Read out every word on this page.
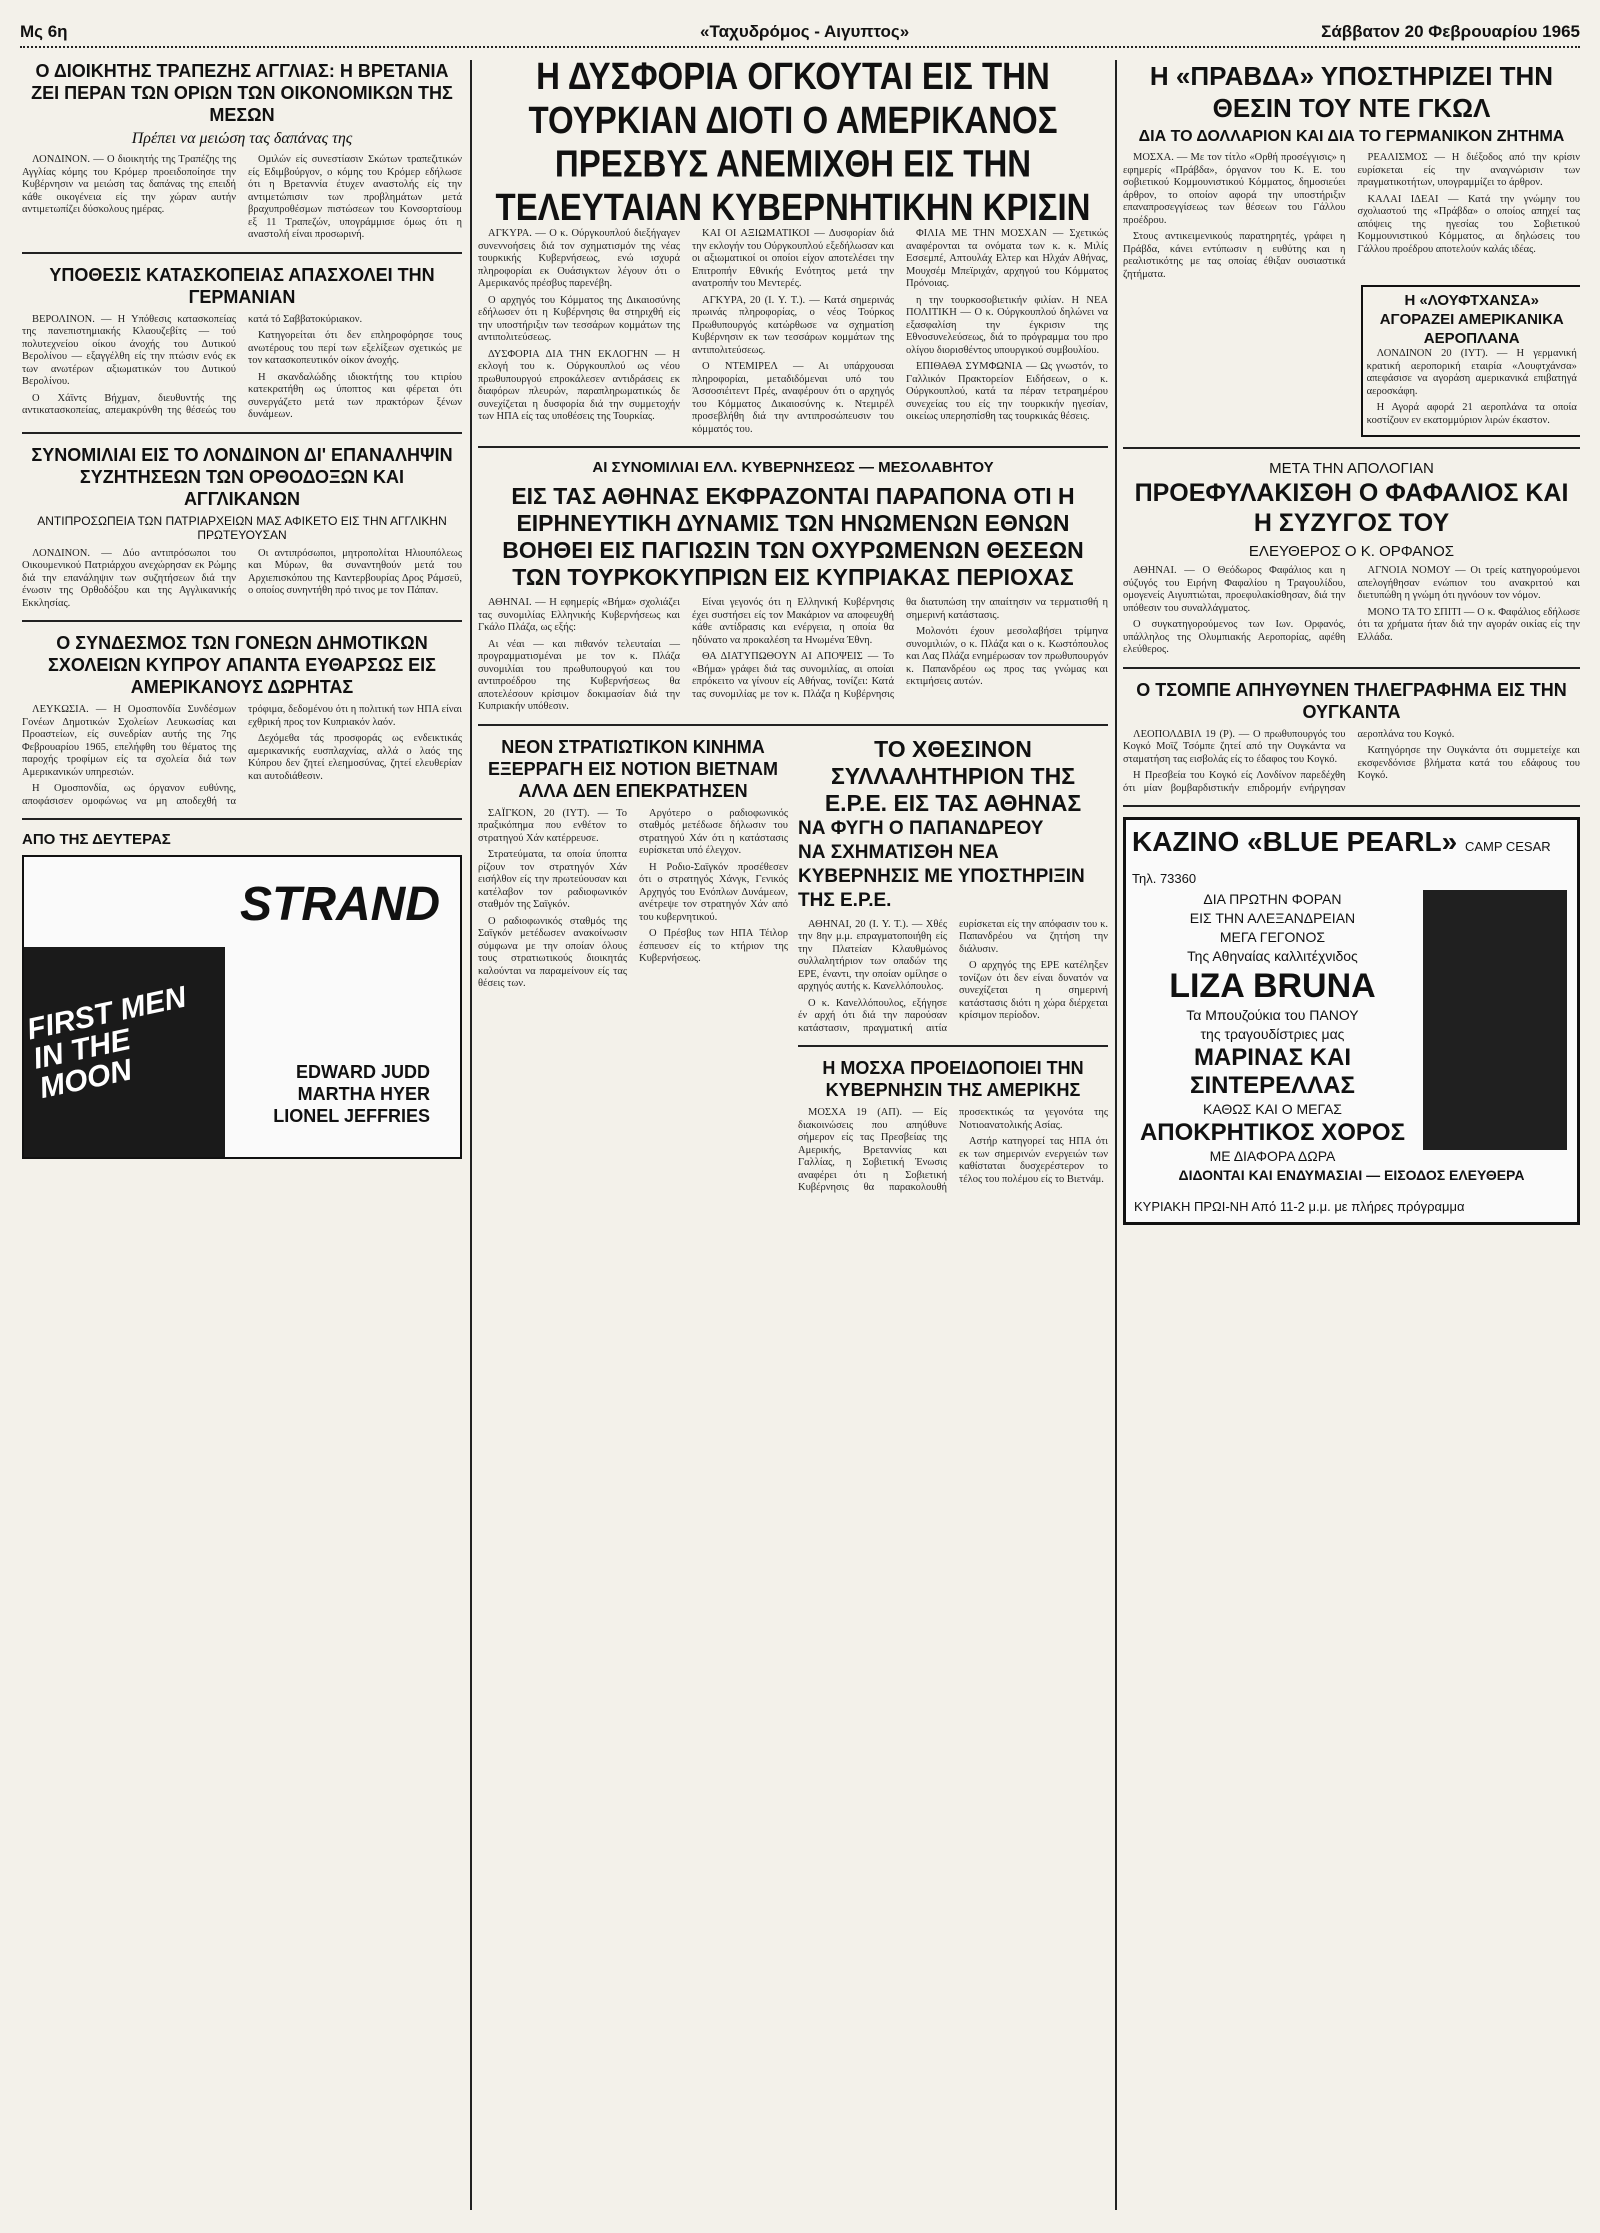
Μς 6η	«Ταχυδρόμος - Αιγυπτος»	Σάββατον 20 Φεβρουαρίου 1965
Ο ΔΙΟΙΚΗΤΗΣ ΤΡΑΠΕΖΗΣ ΑΓΓΛΙΑΣ: Η ΒΡΕΤΑΝΙΑ ΖΕΙ ΠΕΡΑΝ ΤΩΝ ΟΡΙΩΝ ΤΩΝ ΟΙΚΟΝΟΜΙΚΩΝ ΤΗΣ ΜΕΣΩΝ
Πρέπει να μειώση τας δαπάνας της

ΛΟΝΔΙΝΟΝ. — Ο διοικητής της Τραπέζης της Αγγλίας κόμης του Κρόμερ προειδοποίησε την Κυβέρνησιν να μειώση τας δαπάνας της επειδή κάθε οικογένεια είς την χώραν αυτήν αντιμετωπίζει δύσκολους ημέρας.

Ομιλών είς συνεστίασιν Σκώτων τραπεζιτικών είς Εδιμβούργον, ο κόμης του Κρόμερ εδήλωσε ότι η Βρεταννία έτυχεν αναστολής είς την αντιμετώπισιν των προβλημάτων μετά βραχυπροθέσμων πιστώσεων του Κονσορτσίουμ εξ 11 Τραπεζών, υπογράμμισε όμως ότι η αναστολή είναι προσωρινή.

ΥΠΟΘΕΣΙΣ ΚΑΤΑΣΚΟΠΕΙΑΣ ΑΠΑΣΧΟΛΕΙ ΤΗΝ ΓΕΡΜΑΝΙΑΝ

ΒΕΡΟΛΙΝΟΝ. — Η Υπόθεσις κατασκοπείας της πανεπιστημιακής Κλαουζεβίτς — τού πολυτεχνείου οίκου άνοχής του Δυτικού Βερολίνου — εξαγγέλθη είς την πτώσιν ενός εκ των ανωτέρων αξιωματικών του Δυτικού Βερολίνου.

Ο Χάϊντς Βήχμαν, διευθυντής της αντικατασκοπείας, απεμακρύνθη της θέσεώς του κατά τό Σαββατοκύριακον.

Κατηγορείται ότι δεν επληροφόρησε τους ανωτέρους του περί των εξελίξεων σχετικώς με τον κατασκοπευτικόν οίκον άνοχής.

Η σκανδαλώδης ιδιοκτήτης του κτιρίου κατεκρατήθη ως ύποπτος και φέρεται ότι συνεργάζετο μετά των πρακτόρων ξένων δυνάμεων.

ΣΥΝΟΜΙΛΙΑΙ ΕΙΣ ΤΟ ΛΟΝΔΙΝΟΝ ΔΙ' ΕΠΑΝΑΛΗΨΙΝ ΣΥΖΗΤΗΣΕΩΝ ΤΩΝ ΟΡΘΟΔΟΞΩΝ ΚΑΙ ΑΓΓΛΙΚΑΝΩΝ
ΑΝΤΙΠΡΟΣΩΠΕΙΑ ΤΩΝ ΠΑΤΡΙΑΡΧΕΙΩΝ ΜΑΣ ΑΦΙΚΕΤΟ ΕΙΣ ΤΗΝ ΑΓΓΛΙΚΗΝ ΠΡΩΤΕΥΟΥΣΑΝ

ΛΟΝΔΙΝΟΝ. — Δύο αντιπρόσωποι του Οικουμενικού Πατριάρχου ανεχώρησαν εκ Ρώμης διά την επανάληψιν των συζητήσεων διά την ένωσιν της Ορθοδόξου και της Αγγλικανικής Εκκλησίας.

Οι αντιπρόσωποι, μητροπολίται Ηλιουπόλεως και Μύρων, θα συναντηθούν μετά του Αρχιεπισκόπου της Καντερβουρίας Δρος Ράμσεϋ, ο οποίος συνηντήθη πρό τινος με τον Πάπαν.

Ο ΣΥΝΔΕΣΜΟΣ ΤΩΝ ΓΟΝΕΩΝ ΔΗΜΟΤΙΚΩΝ ΣΧΟΛΕΙΩΝ ΚΥΠΡΟΥ ΑΠΑΝΤΑ ΕΥΘΑΡΣΩΣ ΕΙΣ ΑΜΕΡΙΚΑΝΟΥΣ ΔΩΡΗΤΑΣ

ΛΕΥΚΩΣΙΑ. — Η Ομοσπονδία Συνδέσμων Γονέων Δημοτικών Σχολείων Λευκωσίας και Προαστείων, είς συνεδρίαν αυτής της 7ης Φεβρουαρίου 1965, επελήφθη του θέματος της παροχής τροφίμων είς τα σχολεία διά των Αμερικανικών υπηρεσιών.

Η Ομοσπονδία, ως όργανον ευθύνης, αποφάσισεν ομοφώνως να μη αποδεχθή τα τρόφιμα, δεδομένου ότι η πολιτική των ΗΠΑ είναι εχθρική προς τον Κυπριακόν λαόν.

Δεχόμεθα τάς προσφοράς ως ενδεικτικάς αμερικανικής ευσπλαχνίας, αλλά ο λαός της Κύπρου δεν ζητεί ελεημοσύνας, ζητεί ελευθερίαν και αυτοδιάθεσιν.

ΑΠΟ ΤΗΣ ΔΕΥΤΕΡΑΣ
FIRST MEN IN THE MOON
STRAND
EDWARD JUDD
MARTHA HYER
LIONEL JEFFRIES
Η ΔΥΣΦΟΡΙΑ ΟΓΚΟΥΤΑΙ ΕΙΣ ΤΗΝ ΤΟΥΡΚΙΑΝ ΔΙΟΤΙ Ο ΑΜΕΡΙΚΑΝΟΣ ΠΡΕΣΒΥΣ ΑΝΕΜΙΧΘΗ ΕΙΣ ΤΗΝ ΤΕΛΕΥΤΑΙΑΝ ΚΥΒΕΡΝΗΤΙΚΗΝ ΚΡΙΣΙΝ

ΑΓΚΥΡΑ. — Ο κ. Ούργκουπλού διεξήγαγεν συνεννοήσεις διά τον σχηματισμόν της νέας τουρκικής Κυβερνήσεως, ενώ ισχυρά πληροφορίαι εκ Ουάσιγκτων λέγουν ότι ο Αμερικανός πρέσβυς παρενέβη.

Ο αρχηγός του Κόμματος της Δικαιοσύνης εδήλωσεν ότι η Κυβέρνησις θα στηριχθή είς την υποστήριξιν των τεσσάρων κομμάτων της αντιπολιτεύσεως.

ΔΥΣΦΟΡΙΑ ΔΙΑ ΤΗΝ ΕΚΛΟΓΗΝ — Η εκλογή του κ. Ούργκουπλού ως νέου πρωθυπουργού επροκάλεσεν αντιδράσεις εκ διαφόρων πλευρών, παραπληρωματικώς δε συνεχίζεται η δυσφορία διά την συμμετοχήν των ΗΠΑ είς τας υποθέσεις της Τουρκίας.

ΚΑΙ ΟΙ ΑΞΙΩΜΑΤΙΚΟΙ — Δυσφορίαν διά την εκλογήν του Ούργκουπλού εξεδήλωσαν και οι αξιωματικοί οι οποίοι είχον αποτελέσει την Επιτροπήν Εθνικής Ενότητος μετά την ανατροπήν του Μεντερές.

ΑΓΚΥΡΑ, 20 (Ι. Υ. Τ.). — Κατά σημερινάς πρωινάς πληροφορίας, ο νέος Τούρκος Πρωθυπουργός κατώρθωσε να σχηματίση Κυβέρνησιν εκ των τεσσάρων κομμάτων της αντιπολιτεύσεως.

Ο ΝΤΕΜΙΡΕΛ — Αι υπάρχουσαι πληροφορίαι, μεταδιδόμεναι υπό του Άσσοσιέιτεντ Πρές, αναφέρουν ότι ο αρχηγός του Κόμματος Δικαιοσύνης κ. Ντεμιρέλ προσεβλήθη διά την αντιπροσώπευσιν του κόμματός του.

ΦΙΛΙΑ ΜΕ ΤΗΝ ΜΟΣΧΑΝ — Σχετικώς αναφέρονται τα ονόματα των κ. κ. Μιλίς Εσσεμπέ, Απτουλάχ Ελτερ και Ηλχάν Αθήνας, Μουχσέμ Μπεϊριχάν, αρχηγού του Κόμματος Πρόνοιας.

η την τουρκοσοβιετικήν φιλίαν. Η ΝΕΑ ΠΟΛΙΤΙΚΗ — Ο κ. Ούργκουπλού δηλώνει να εξασφαλίση την έγκρισιν της Εθνοσυνελεύσεως, διά το πρόγραμμα του προ ολίγου διορισθέντος υπουργικού συμβουλίου.

ΕΠΙΘΑΘΑ ΣΥΜΦΩΝΙΑ — Ως γνωστόν, το Γαλλικόν Πρακτορείον Ειδήσεων, ο κ. Ούργκουπλού, κατά τα πέραν τετραημέρου συνεχείας του είς την τουρκικήν ηγεσίαν, οικείως υπερησπίσθη τας τουρκικάς θέσεις.

ΑΙ ΣΥΝΟΜΙΛΙΑΙ ΕΛΛ. ΚΥΒΕΡΝΗΣΕΩΣ — ΜΕΣΟΛΑΒΗΤΟΥ
ΕΙΣ ΤΑΣ ΑΘΗΝΑΣ ΕΚΦΡΑΖΟΝΤΑΙ ΠΑΡΑΠΟΝΑ ΟΤΙ Η ΕΙΡΗΝΕΥΤΙΚΗ ΔΥΝΑΜΙΣ ΤΩΝ ΗΝΩΜΕΝΩΝ ΕΘΝΩΝ ΒΟΗΘΕΙ ΕΙΣ ΠΑΓΙΩΣΙΝ ΤΩΝ ΟΧΥΡΩΜΕΝΩΝ ΘΕΣΕΩΝ ΤΩΝ ΤΟΥΡΚΟΚΥΠΡΙΩΝ ΕΙΣ ΚΥΠΡΙΑΚΑΣ ΠΕΡΙΟΧΑΣ

ΑΘΗΝΑΙ. — Η εφημερίς «Βήμα» σχολιάζει τας συνομιλίας Ελληνικής Κυβερνήσεως και Γκάλο Πλάζα, ως εξής:

Αι νέαι — και πιθανόν τελευταίαι — προγραμματισμέναι με τον κ. Πλάζα συνομιλίαι του πρωθυπουργού και του αντιπροέδρου της Κυβερνήσεως θα αποτελέσουν κρίσιμον δοκιμασίαν διά την Κυπριακήν υπόθεσιν.

Είναι γεγονός ότι η Ελληνική Κυβέρνησις έχει συστήσει είς τον Μακάριον να αποφευχθή κάθε αντίδρασις και ενέργεια, η οποία θα ηδύνατο να προκαλέση τα Ηνωμένα Έθνη.

ΘΑ ΔΙΑΤΥΠΩΘΟΥΝ ΑΙ ΑΠΟΨΕΙΣ — Το «Βήμα» γράφει διά τας συνομιλίας, αι οποίαι επρόκειτο να γίνουν είς Αθήνας, τονίζει: Κατά τας συνομιλίας με τον κ. Πλάζα η Κυβέρνησις θα διατυπώση την απαίτησιν να τερματισθή η σημερινή κατάστασις.

Μολονότι έχουν μεσολαβήσει τρίμηνα συνομιλιών, ο κ. Πλάζα και ο κ. Κωστόπουλος και Λας Πλάζα ενημέρωσαν τον πρωθυπουργόν κ. Παπανδρέου ως προς τας γνώμας και εκτιμήσεις αυτών.

ΝΕΟΝ ΣΤΡΑΤΙΩΤΙΚΟΝ ΚΙΝΗΜΑ ΕΞΕΡΡΑΓΗ ΕΙΣ ΝΟΤΙΟΝ ΒΙΕΤΝΑΜ ΑΛΛΑ ΔΕΝ ΕΠΕΚΡΑΤΗΣΕΝ

ΣΑΪΓΚΟΝ, 20 (ΙΥΤ). — Το πραξικόπημα που ενθέτον το στρατηγού Χάν κατέρρευσε.

Στρατεύματα, τα οποία ύποπτα ρίζουν τον στρατηγόν Χάν εισήλθον είς την πρωτεύουσαν και κατέλαβον τον ραδιοφωνικόν σταθμόν της Σαϊγκόν.

Ο ραδιοφωνικός σταθμός της Σαϊγκόν μετέδωσεν ανακοίνωσιν σύμφωνα με την οποίαν όλους τους στρατιωτικούς διοικητάς καλούνται να παραμείνουν είς τας θέσεις των.

Αργότερο ο ραδιοφωνικός σταθμός μετέδωσε δήλωσιν του στρατηγού Χάν ότι η κατάστασις ευρίσκεται υπό έλεγχον.

Η Ροδιο-Σαϊγκόν προσέθεσεν ότι ο στρατηγός Χάνγκ, Γενικός Αρχηγός του Ενόπλων Δυνάμεων, ανέτρεψε τον στρατηγόν Χάν από του κυβερνητικού.

Ο Πρέσβυς των ΗΠΑ Τέιλορ έσπευσεν είς το κτήριον της Κυβερνήσεως.

ΤΟ ΧΘΕΣΙΝΟΝ ΣΥΛΛΑΛΗΤΗΡΙΟΝ ΤΗΣ Ε.Ρ.Ε. ΕΙΣ ΤΑΣ ΑΘΗΝΑΣ
ΝΑ ΦΥΓΗ Ο ΠΑΠΑΝΔΡΕΟΥ
ΝΑ ΣΧΗΜΑΤΙΣΘΗ ΝΕΑ ΚΥΒΕΡΝΗΣΙΣ ΜΕ ΥΠΟΣΤΗΡΙΞΙΝ ΤΗΣ Ε.Ρ.Ε.

ΑΘΗΝΑΙ, 20 (Ι. Υ. Τ.). — Χθές την 8ην μ.μ. επραγματοποιήθη είς την Πλατείαν Κλαυθμώνος συλλαλητήριον των οπαδών της ΕΡΕ, έναντι, την οποίαν ομίλησε ο αρχηγός αυτής κ. Κανελλόπουλος.

Ο κ. Κανελλόπουλος, εξήγησε έν αρχή ότι διά την παρούσαν κατάστασιν, πραγματική αιτία ευρίσκεται είς την απόφασιν του κ. Παπανδρέου να ζητήση την διάλυσιν.

Ο αρχηγός της ΕΡΕ κατέληξεν τονίζων ότι δεν είναι δυνατόν να συνεχίζεται η σημερινή κατάστασις διότι η χώρα διέρχεται κρίσιμον περίοδον.

Η ΜΟΣΧΑ ΠΡΟΕΙΔΟΠΟΙΕΙ ΤΗΝ ΚΥΒΕΡΝΗΣΙΝ ΤΗΣ ΑΜΕΡΙΚΗΣ

ΜΟΣΧΑ 19 (ΑΠ). — Είς διακοινώσεις που απηύθυνε σήμερον είς τας Πρεσβείας της Αμερικής, Βρεταννίας και Γαλλίας, η Σοβιετική Ένωσις αναφέρει ότι η Σοβιετική Κυβέρνησις θα παρακολουθή προσεκτικώς τα γεγονότα της Νοτιοανατολικής Ασίας.

Αστήρ κατηγορεί τας ΗΠΑ ότι εκ των σημερινών ενεργειών των καθίσταται δυσχερέστερον το τέλος του πολέμου είς το Βιετνάμ.

Η «ΠΡΑΒΔΑ» ΥΠΟΣΤΗΡΙΖΕΙ ΤΗΝ ΘΕΣΙΝ ΤΟΥ ΝΤΕ ΓΚΩΛ
ΔΙΑ ΤΟ ΔΟΛΛΑΡΙΟΝ ΚΑΙ ΔΙΑ ΤΟ ΓΕΡΜΑΝΙΚΟΝ ΖΗΤΗΜΑ

ΜΟΣΧΑ. — Με τον τίτλο «Ορθή προσέγγισις» η εφημερίς «Πράβδα», όργανον του Κ. Ε. του σοβιετικού Κομμουνιστικού Κόμματος, δημοσιεύει άρθρον, το οποίον αφορά την υποστήριξιν επαναπροσεγγίσεως των θέσεων του Γάλλου προέδρου.

Στους αντικειμενικούς παρατηρητές, γράφει η Πράβδα, κάνει εντύπωσιν η ευθύτης και η ρεαλιστικότης με τας οποίας έθιξαν ουσιαστικά ζητήματα.

ΡΕΑΛΙΣΜΟΣ — Η διέξοδος από την κρίσιν ευρίσκεται είς την αναγνώρισιν των πραγματικοτήτων, υπογραμμίζει το άρθρον.

ΚΑΛΑΙ ΙΔΕΑΙ — Κατά την γνώμην του σχολιαστού της «Πράβδα» ο οποίος απηχεί τας απόψεις της ηγεσίας του Σοβιετικού Κομμουνιστικού Κόμματος, αι δηλώσεις του Γάλλου προέδρου αποτελούν καλάς ιδέας.

Η «ΛΟΥΦΤΧΑΝΣΑ» ΑΓΟΡΑΖΕΙ ΑΜΕΡΙΚΑΝΙΚΑ ΑΕΡΟΠΛΑΝΑ

ΛΟΝΔΙΝΟΝ 20 (ΙΥΤ). — Η γερμανική κρατική αεροπορική εταιρία «Λουφτχάνσα» απεφάσισε να αγοράση αμερικανικά επιβατηγά αεροσκάφη.

Η Αγορά αφορά 21 αεροπλάνα τα οποία κοστίζουν εν εκατομμύριον λιρών έκαστον.

ΜΕΤΑ ΤΗΝ ΑΠΟΛΟΓΙΑΝ
ΠΡΟΕΦΥΛΑΚΙΣΘΗ Ο ΦΑΦΑΛΙΟΣ ΚΑΙ Η ΣΥΖΥΓΟΣ ΤΟΥ
ΕΛΕΥΘΕΡΟΣ Ο Κ. ΟΡΦΑΝΟΣ

ΑΘΗΝΑΙ. — Ο Θεόδωρος Φαφάλιος και η σύζυγός του Ειρήνη Φαφαλίου η Τραγουλίδου, ομογενείς Αιγυπτιώται, προεφυλακίσθησαν, διά την υπόθεσιν του συναλλάγματος.

Ο συγκατηγορούμενος των Ιων. Ορφανός, υπάλληλος της Ολυμπιακής Αεροπορίας, αφέθη ελεύθερος.

ΑΓΝΟΙΑ ΝΟΜΟΥ — Οι τρείς κατηγορούμενοι απελογήθησαν ενώπιον του ανακριτού και διετυπώθη η γνώμη ότι ηγνόουν τον νόμον.

ΜΟΝΟ ΤΑ ΤΟ ΣΠΙΤΙ — Ο κ. Φαφάλιος εδήλωσε ότι τα χρήματα ήταν διά την αγοράν οικίας είς την Ελλάδα.

Ο ΤΣΟΜΠΕ ΑΠΗΥΘΥΝΕΝ ΤΗΛΕΓΡΑΦΗΜΑ ΕΙΣ ΤΗΝ ΟΥΓΚΑΝΤΑ

ΛΕΟΠΟΛΔΒΙΛ 19 (Ρ). — Ο πρωθυπουργός του Κογκό Μοϊζ Τσόμπε ζητεί από την Ουγκάντα να σταματήση τας εισβολάς είς το έδαφος του Κογκό.

Η Πρεσβεία του Κογκό είς Λονδίνον παρεδέχθη ότι μίαν βομβαρδιστικήν επιδρομήν ενήργησαν αεροπλάνα του Κογκό.

Κατηγόρησε την Ουγκάντα ότι συμμετείχε και εκσφενδόνισε βλήματα κατά του εδάφους του Κογκό.

ΚΑΖΙΝΟ «BLUE PEARL» CAMP CESAR Τηλ. 73360
ΔΙΑ ΠΡΩΤΗΝ ΦΟΡΑΝ
ΕΙΣ ΤΗΝ ΑΛΕΞΑΝΔΡΕΙΑΝ
ΜΕΓΑ ΓΕΓΟΝΟΣ
Της Αθηναίας καλλιτέχνιδος
LIZA BRUNA
Τα Μπουζούκια του ΠΑΝΟΥ
της τραγουδίστριες μας
ΜΑΡΙΝΑΣ ΚΑΙ ΣΙΝΤΕΡΕΛΛΑΣ
ΚΑΘΩΣ ΚΑΙ Ο ΜΕΓΑΣ
ΑΠΟΚΡΗΤΙΚΟΣ ΧΟΡΟΣ
ΜΕ ΔΙΑΦΟΡΑ ΔΩΡΑ
ΔΙΔΟΝΤΑΙ ΚΑΙ ΕΝΔΥΜΑΣΙΑΙ — ΕΙΣΟΔΟΣ ΕΛΕΥΘΕΡΑ
ΚΥΡΙΑΚΗ ΠΡΩΙ-ΝΗ Από 11-2 μ.μ. με πλήρες πρόγραμμα
